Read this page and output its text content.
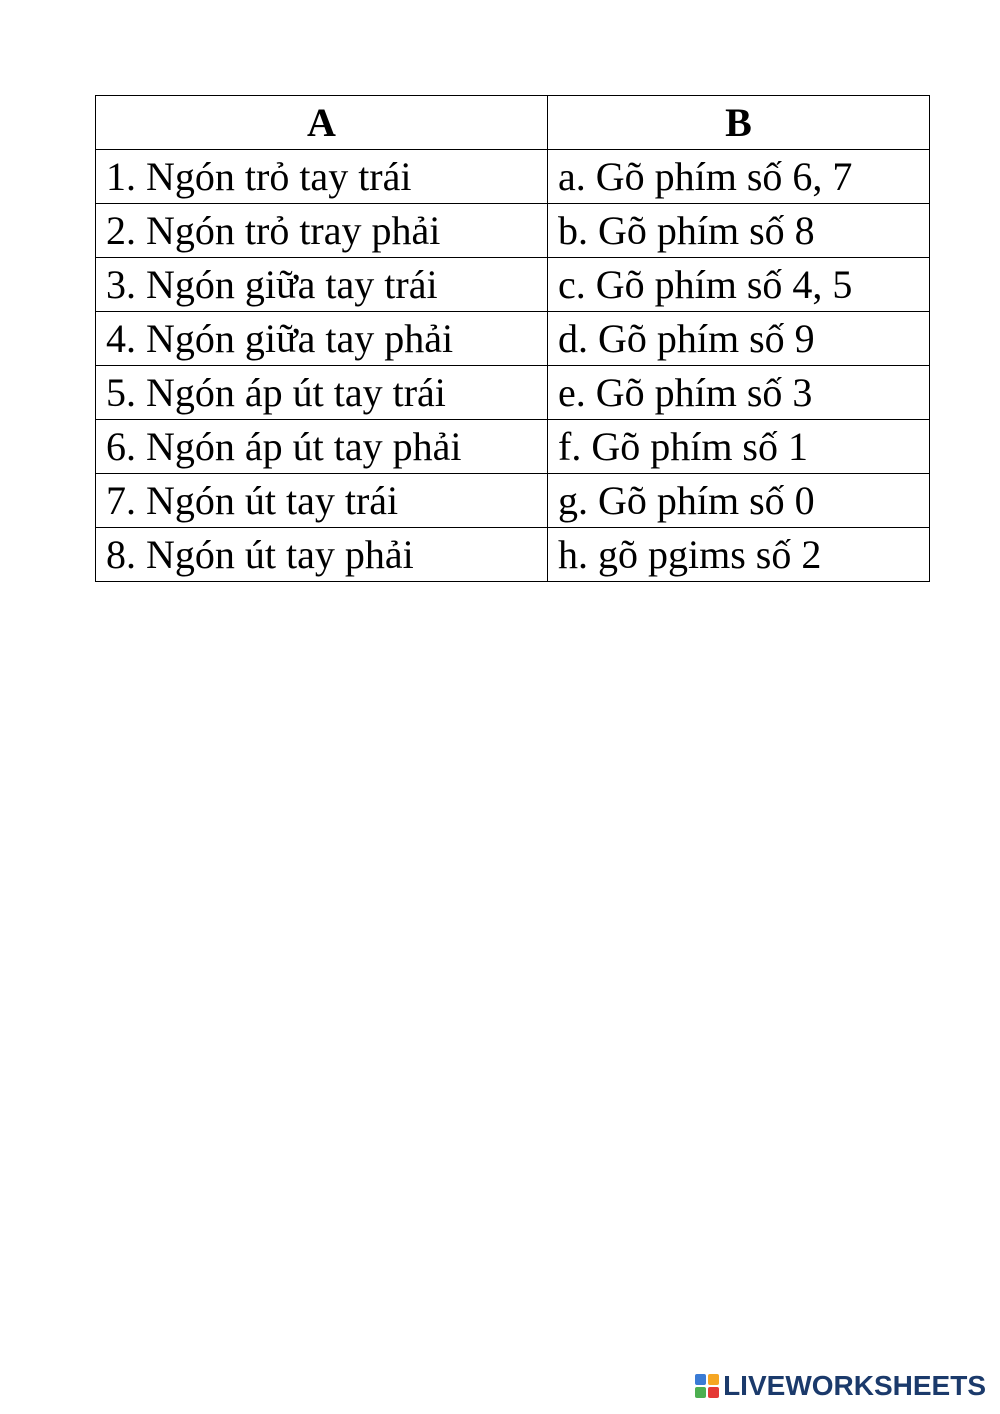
A	B
1. Ngón trỏ tay trái	a. Gõ phím số 6, 7
2. Ngón trỏ tray phải	b. Gõ phím số 8
3. Ngón giữa tay trái	c. Gõ phím số 4, 5
4. Ngón giữa tay phải	d. Gõ phím số 9
5. Ngón áp út tay trái	e. Gõ phím số 3
6. Ngón áp út tay phải	f. Gõ phím số 1
7. Ngón út tay trái	g. Gõ phím số 0
8. Ngón út tay phải	h. gõ pgims số 2
LIVEWORKSHEETS
